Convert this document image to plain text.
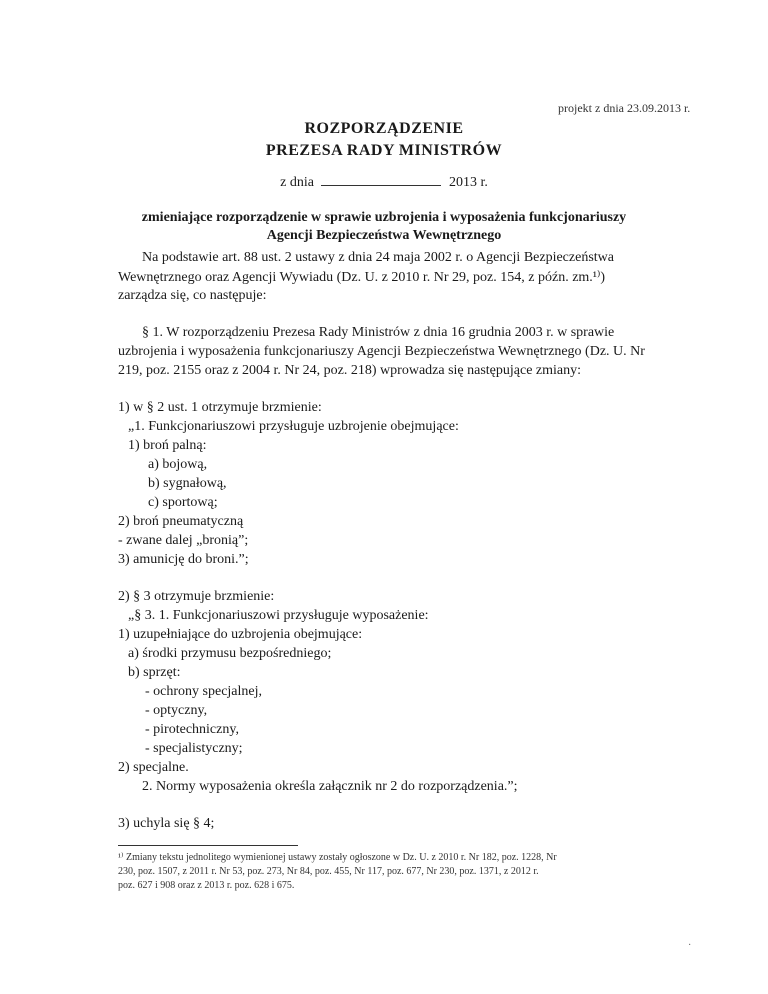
projekt z dnia 23.09.2013 r.
ROZPORZĄDZENIE
PREZESA RADY MINISTRÓW
z dnia	2013 r.
zmieniające rozporządzenie w sprawie uzbrojenia i wyposażenia funkcjonariuszy
Agencji Bezpieczeństwa Wewnętrznego
Na podstawie art. 88 ust. 2 ustawy z dnia 24 maja 2002 r. o Agencji Bezpieczeństwa
Wewnętrznego oraz Agencji Wywiadu (Dz. U. z 2010 r. Nr 29, poz. 154, z późn. zm.¹⁾)
zarządza się, co następuje:
§ 1. W rozporządzeniu Prezesa Rady Ministrów z dnia 16 grudnia 2003 r. w sprawie
uzbrojenia i wyposażenia funkcjonariuszy Agencji Bezpieczeństwa Wewnętrznego (Dz. U. Nr
219, poz. 2155 oraz z 2004 r. Nr 24, poz. 218) wprowadza się następujące zmiany:
1) w § 2 ust. 1 otrzymuje brzmienie:
„1. Funkcjonariuszowi przysługuje uzbrojenie obejmujące:
1) broń palną:
a) bojową,
b) sygnałową,
c) sportową;
2) broń pneumatyczną
- zwane dalej „bronią”;
3) amunicję do broni.”;
2) § 3 otrzymuje brzmienie:
„§ 3. 1. Funkcjonariuszowi przysługuje wyposażenie:
1) uzupełniające do uzbrojenia obejmujące:
a) środki przymusu bezpośredniego;
b) sprzęt:
- ochrony specjalnej,
- optyczny,
- pirotechniczny,
- specjalistyczny;
2) specjalne.
2. Normy wyposażenia określa załącznik nr 2 do rozporządzenia.”;
3) uchyla się § 4;
¹⁾ Zmiany tekstu jednolitego wymienionej ustawy zostały ogłoszone w Dz. U. z 2010 r. Nr 182, poz. 1228, Nr
230, poz. 1507, z 2011 r. Nr 53, poz. 273, Nr 84, poz. 455, Nr 117, poz. 677, Nr 230, poz. 1371, z 2012 r.
poz. 627 i 908 oraz z 2013 r. poz. 628 i 675.
·
